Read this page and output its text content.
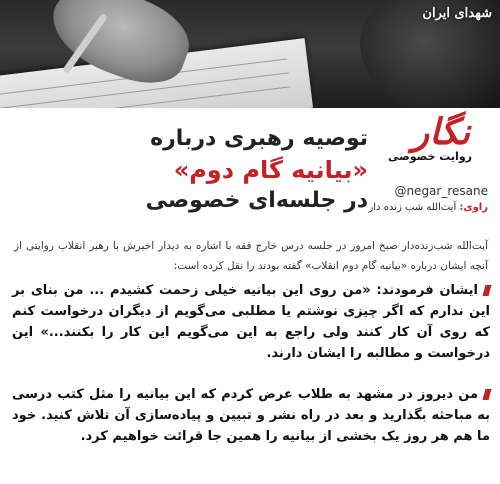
شهدای ایران
نگار
روایت خصوصی
@negar_resane
راوی: آیت‌الله شب زنده دار
توصیه رهبری درباره
«بیانیه گام دوم»
در جلسه‌ای خصوصی
آیت‌الله شب‌زنده‌دار صبح امروز در جلسه درس خارج فقه با اشاره به دیدار اخیرش با رهبر انقلاب روایتی از آنچه ایشان درباره «بیانیه گام دوم انقلاب» گفته بودند را نقل کرده است:
ایشان فرمودند: «من روی این بیانیه خیلی زحمت کشیدم ... من بنای بر این ندارم که اگر چیزی نوشتم یا مطلبی می‌گویم از دیگران درخواست کنم که روی آن کار کنند ولی راجع به این می‌گویم این کار را بکنند...» این درخواست و مطالبه را ایشان دارند.
من دیروز در مشهد به طلاب عرض کردم که این بیانیه را مثل کتب درسی به مباحثه بگذارید و بعد در راه نشر و تبیین و پیاده‌سازی آن تلاش کنید. خود ما هم هر روز یک بخشی از بیانیه را همین جا قرائت خواهیم کرد.
